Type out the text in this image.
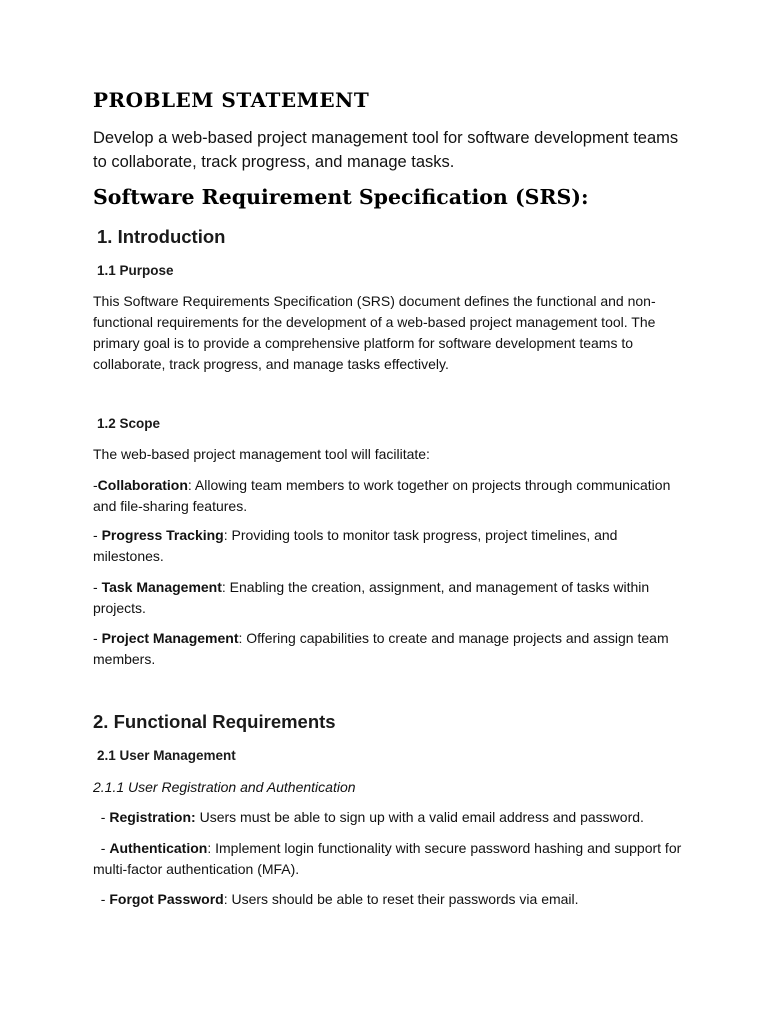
PROBLEM STATEMENT

Develop a web-based project management tool for software development teams to collaborate, track progress, and manage tasks.

Software Requirement Specification (SRS):
1. Introduction
1.1 Purpose

This Software Requirements Specification (SRS) document defines the functional and non-functional requirements for the development of a web-based project management tool. The primary goal is to provide a comprehensive platform for software development teams to collaborate, track progress, and manage tasks effectively.

1.2 Scope

The web-based project management tool will facilitate:

-Collaboration: Allowing team members to work together on projects through communication and file-sharing features.

- Progress Tracking: Providing tools to monitor task progress, project timelines, and milestones.

- Task Management: Enabling the creation, assignment, and management of tasks within projects.

- Project Management: Offering capabilities to create and manage projects and assign team members.

2. Functional Requirements
2.1 User Management

2.1.1 User Registration and Authentication

- Registration: Users must be able to sign up with a valid email address and password.

- Authentication: Implement login functionality with secure password hashing and support for multi-factor authentication (MFA).

- Forgot Password: Users should be able to reset their passwords via email.
